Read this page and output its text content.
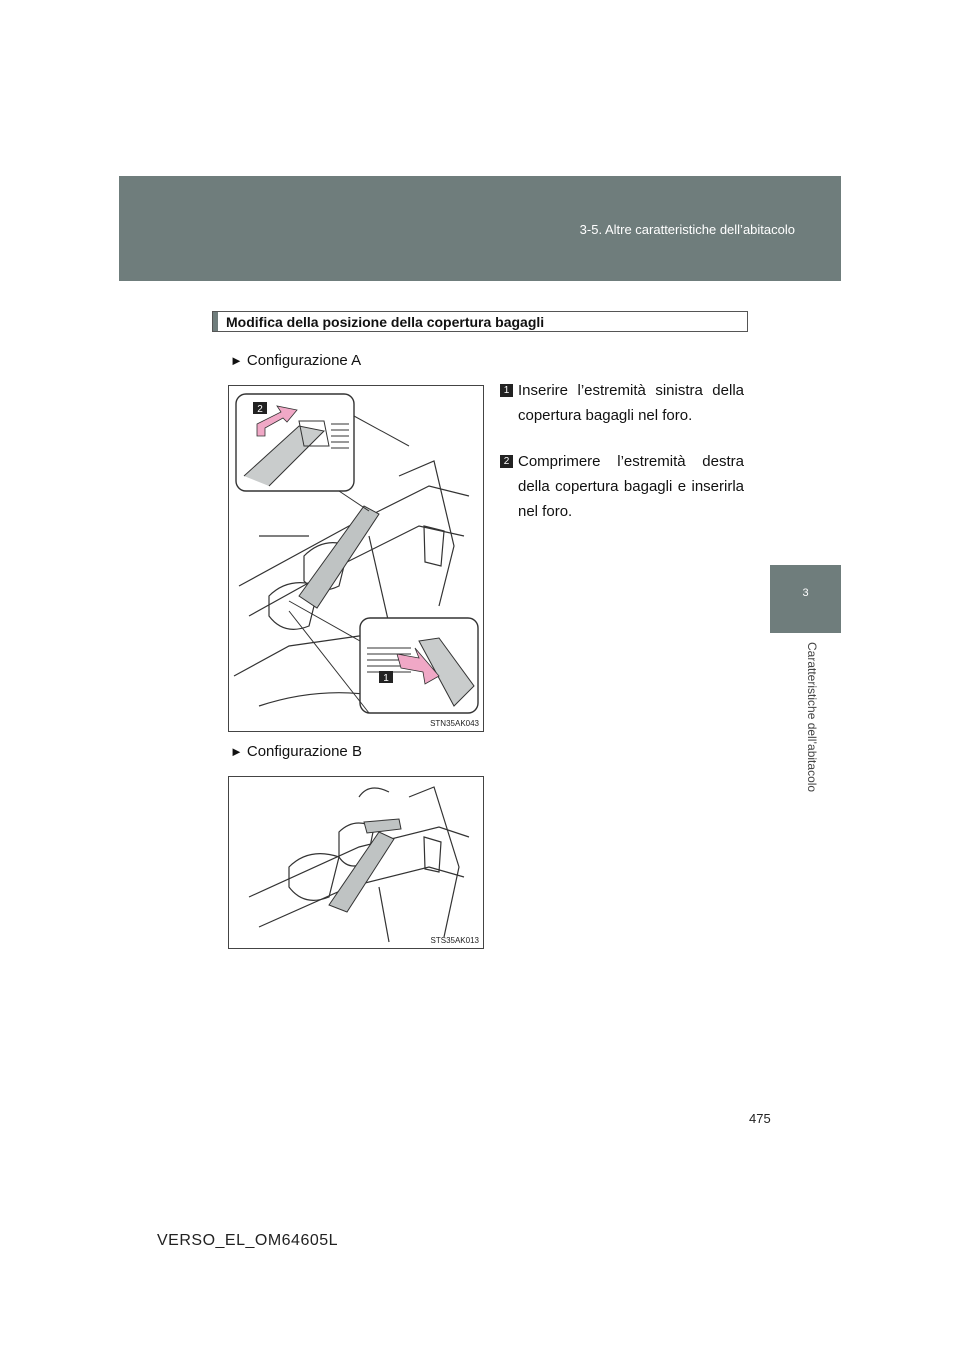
3-5. Altre caratteristiche dell’abitacolo
3
Caratteristiche dell’abitacolo
Modifica della posizione della copertura bagagli
► Configurazione A
2
1
STN35AK043
1 Inserire l’estremità sinistra della copertura bagagli nel foro.
2 Comprimere l’estremità destra della copertura bagagli e inserirla nel foro.
► Configurazione B
STS35AK013
475
VERSO_EL_OM64605L
